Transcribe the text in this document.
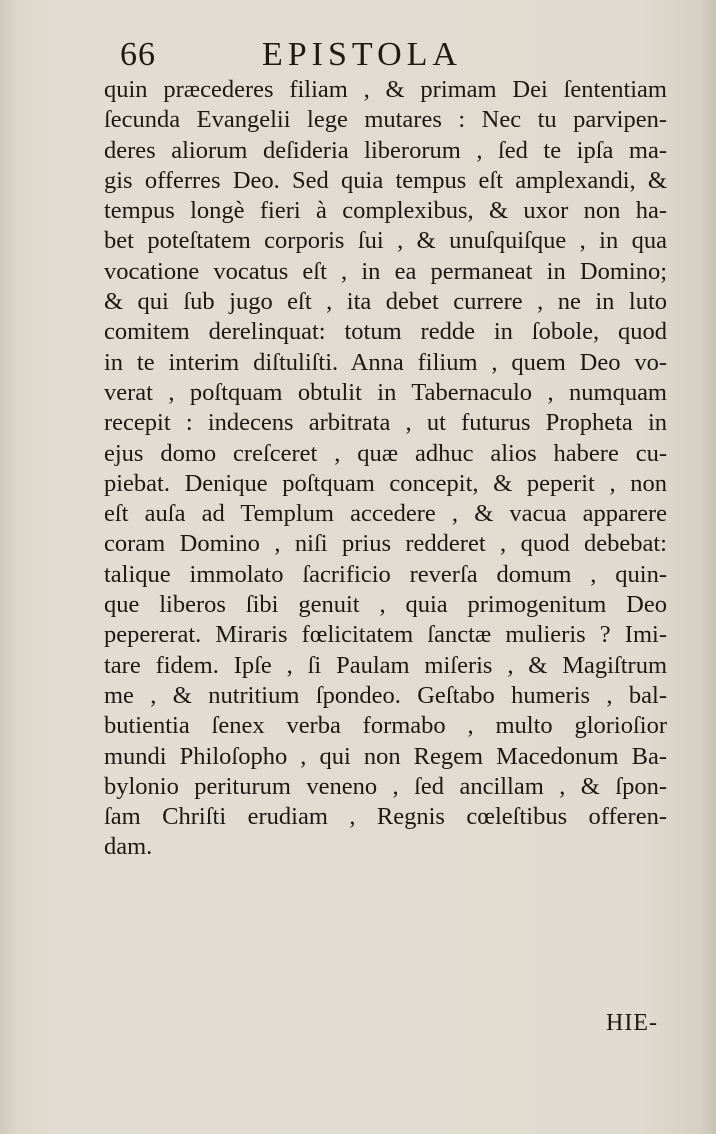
66	EPISTOLA
quin præcederes filiam , & primam Dei ſententiam
ſecunda Evangelii lege mutares : Nec tu parvipen-
deres aliorum deſideria liberorum , ſed te ipſa ma-
gis offerres Deo. Sed quia tempus eſt amplexandi, &
tempus longè fieri à complexibus, & uxor non ha-
bet poteſtatem corporis ſui , & unuſquiſque , in qua
vocatione vocatus eſt , in ea permaneat in Domino;
& qui ſub jugo eſt , ita debet currere , ne in luto
comitem derelinquat: totum redde in ſobole, quod
in te interim diſtuliſti. Anna filium , quem Deo vo-
verat , poſtquam obtulit in Tabernaculo , numquam
recepit : indecens arbitrata , ut futurus Propheta in
ejus domo creſceret , quæ adhuc alios habere cu-
piebat. Denique poſtquam concepit, & peperit , non
eſt auſa ad Templum accedere , & vacua apparere
coram Domino , niſi prius redderet , quod debebat:
talique immolato ſacrificio reverſa domum , quin-
que liberos ſibi genuit , quia primogenitum Deo
pepererat. Miraris fœlicitatem ſanctæ mulieris ? Imi-
tare fidem. Ipſe , ſi Paulam miſeris , & Magiſtrum
me , & nutritium ſpondeo. Geſtabo humeris , bal-
butientia ſenex verba formabo , multo glorioſior
mundi Philoſopho , qui non Regem Macedonum Ba-
bylonio periturum veneno , ſed ancillam , & ſpon-
ſam Chriſti erudiam , Regnis cœleſtibus offeren-
dam.
HIE-
